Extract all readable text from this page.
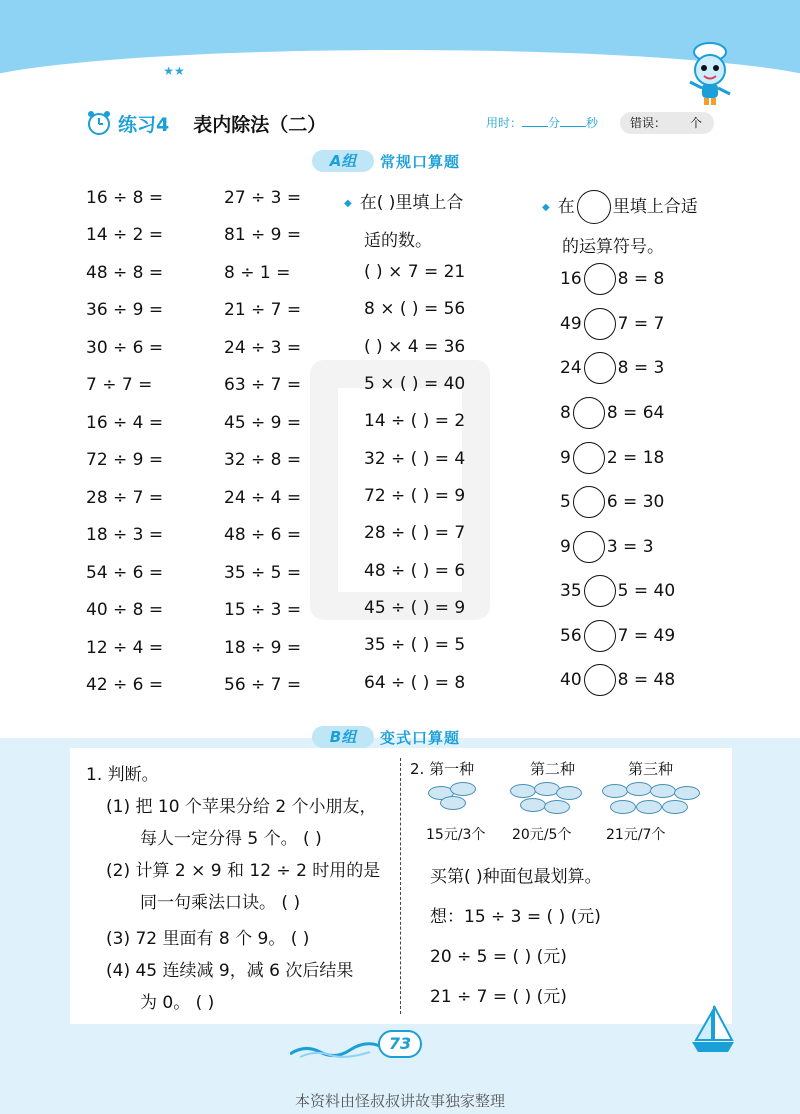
难易等级:	★★	第10单元 总复习
练习4 表内除法（二）	用时： 分 秒	错误： 个
A组	常规口算题
16 ÷ 8 =
14 ÷ 2 =
48 ÷ 8 =
36 ÷ 9 =
30 ÷ 6 =
7 ÷ 7 =
16 ÷ 4 =
72 ÷ 9 =
28 ÷ 7 =
18 ÷ 3 =
54 ÷ 6 =
40 ÷ 8 =
12 ÷ 4 =
42 ÷ 6 =
27 ÷ 3 =
81 ÷ 9 =
8 ÷ 1 =
21 ÷ 7 =
24 ÷ 3 =
63 ÷ 7 =
45 ÷ 9 =
32 ÷ 8 =
24 ÷ 4 =
48 ÷ 6 =
35 ÷ 5 =
15 ÷ 3 =
18 ÷ 9 =
56 ÷ 7 =
◆ 在( )里填上合
适的数。
( ) × 7 = 21
8 × ( ) = 56
( ) × 4 = 36
5 × ( ) = 40
14 ÷ ( ) = 2
32 ÷ ( ) = 4
72 ÷ ( ) = 9
28 ÷ ( ) = 7
48 ÷ ( ) = 6
45 ÷ ( ) = 9
35 ÷ ( ) = 5
64 ÷ ( ) = 8
◆ 在 里填上合适
的运算符号。
16 8 = 8
49 7 = 7
24 8 = 3
8 8 = 64
9 2 = 18
5 6 = 30
9 3 = 3
35 5 = 40
56 7 = 49
40 8 = 48
B组	变式口算题
1. 判断。
(1) 把 10 个苹果分给 2 个小朋友，
每人一定分得 5 个。 ( )
(2) 计算 2 × 9 和 12 ÷ 2 时用的是
同一句乘法口诀。 ( )
(3) 72 里面有 8 个 9。 ( )
(4) 45 连续减 9，减 6 次后结果
为 0。 ( )
2. 第一种	第二种	第三种
15元/3个 20元/5个 21元/7个
买第( )种面包最划算。
想：15 ÷ 3 = ( ) (元)
20 ÷ 5 = ( ) (元)
21 ÷ 7 = ( ) (元)
73
本资料由怪叔叔讲故事独家整理
